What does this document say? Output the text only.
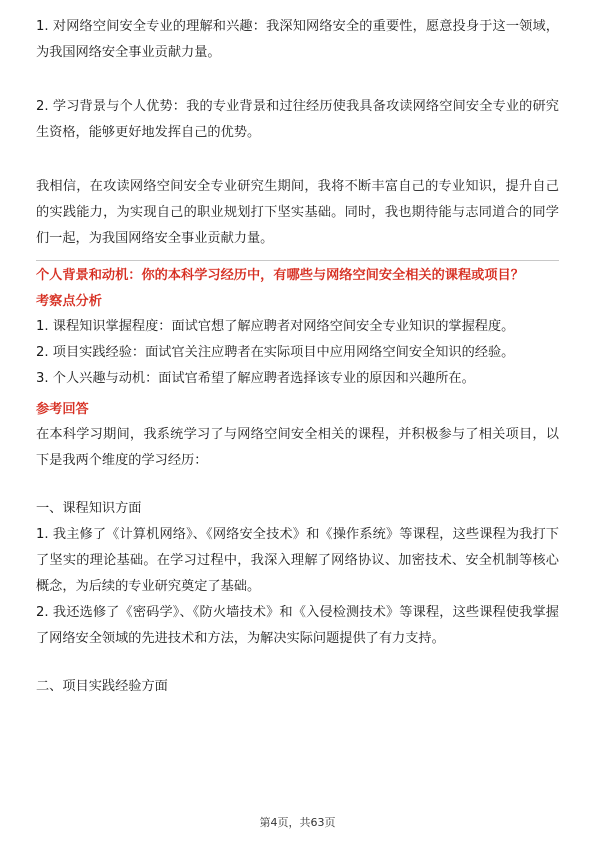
1. 对网络空间安全专业的理解和兴趣：我深知网络安全的重要性，愿意投身于这一领域，为我国网络安全事业贡献力量。

2. 学习背景与个人优势：我的专业背景和过往经历使我具备攻读网络空间安全专业的研究生资格，能够更好地发挥自己的优势。

我相信，在攻读网络空间安全专业研究生期间，我将不断丰富自己的专业知识，提升自己的实践能力，为实现自己的职业规划打下坚实基础。同时，我也期待能与志同道合的同学们一起，为我国网络安全事业贡献力量。

个人背景和动机：你的本科学习经历中，有哪些与网络空间安全相关的课程或项目？

考察点分析

1. 课程知识掌握程度：面试官想了解应聘者对网络空间安全专业知识的掌握程度。

2. 项目实践经验：面试官关注应聘者在实际项目中应用网络空间安全知识的经验。

3. 个人兴趣与动机：面试官希望了解应聘者选择该专业的原因和兴趣所在。

参考回答

在本科学习期间，我系统学习了与网络空间安全相关的课程，并积极参与了相关项目，以下是我两个维度的学习经历：

一、课程知识方面

1. 我主修了《计算机网络》、《网络安全技术》和《操作系统》等课程，这些课程为我打下了坚实的理论基础。在学习过程中，我深入理解了网络协议、加密技术、安全机制等核心概念，为后续的专业研究奠定了基础。

2. 我还选修了《密码学》、《防火墙技术》和《入侵检测技术》等课程，这些课程使我掌握了网络安全领域的先进技术和方法，为解决实际问题提供了有力支持。

二、项目实践经验方面

第4页，共63页
